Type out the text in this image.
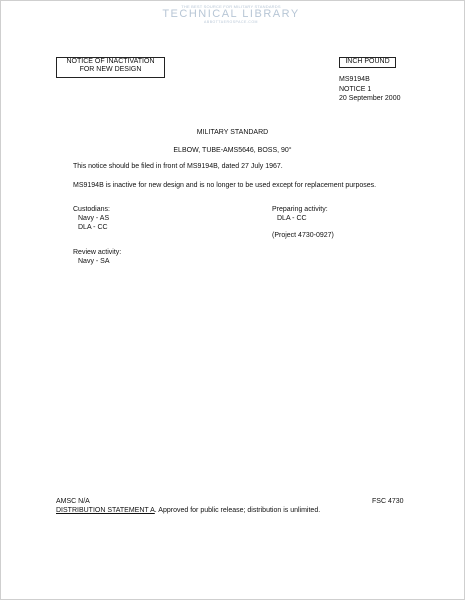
THE BEST SOURCE FOR MILITARY STANDARDS
TECHNICAL LIBRARY
ABBOTTAEROSPACE.COM
NOTICE OF INACTIVATION
FOR NEW DESIGN
INCH POUND
MS9194B
NOTICE 1
20 September 2000
MILITARY STANDARD
ELBOW, TUBE-AMS5646, BOSS, 90°
This notice should be filed in front of MS9194B, dated 27 July 1967.
MS9194B is inactive for new design and is no longer to be used except for replacement purposes.
Custodians:
Navy - AS
DLA - CC
Preparing activity:
DLA - CC
(Project 4730-0927)
Review activity:
Navy - SA
AMSC N/A	FSC 4730
DISTRIBUTION STATEMENT A. Approved for public release; distribution is unlimited.
